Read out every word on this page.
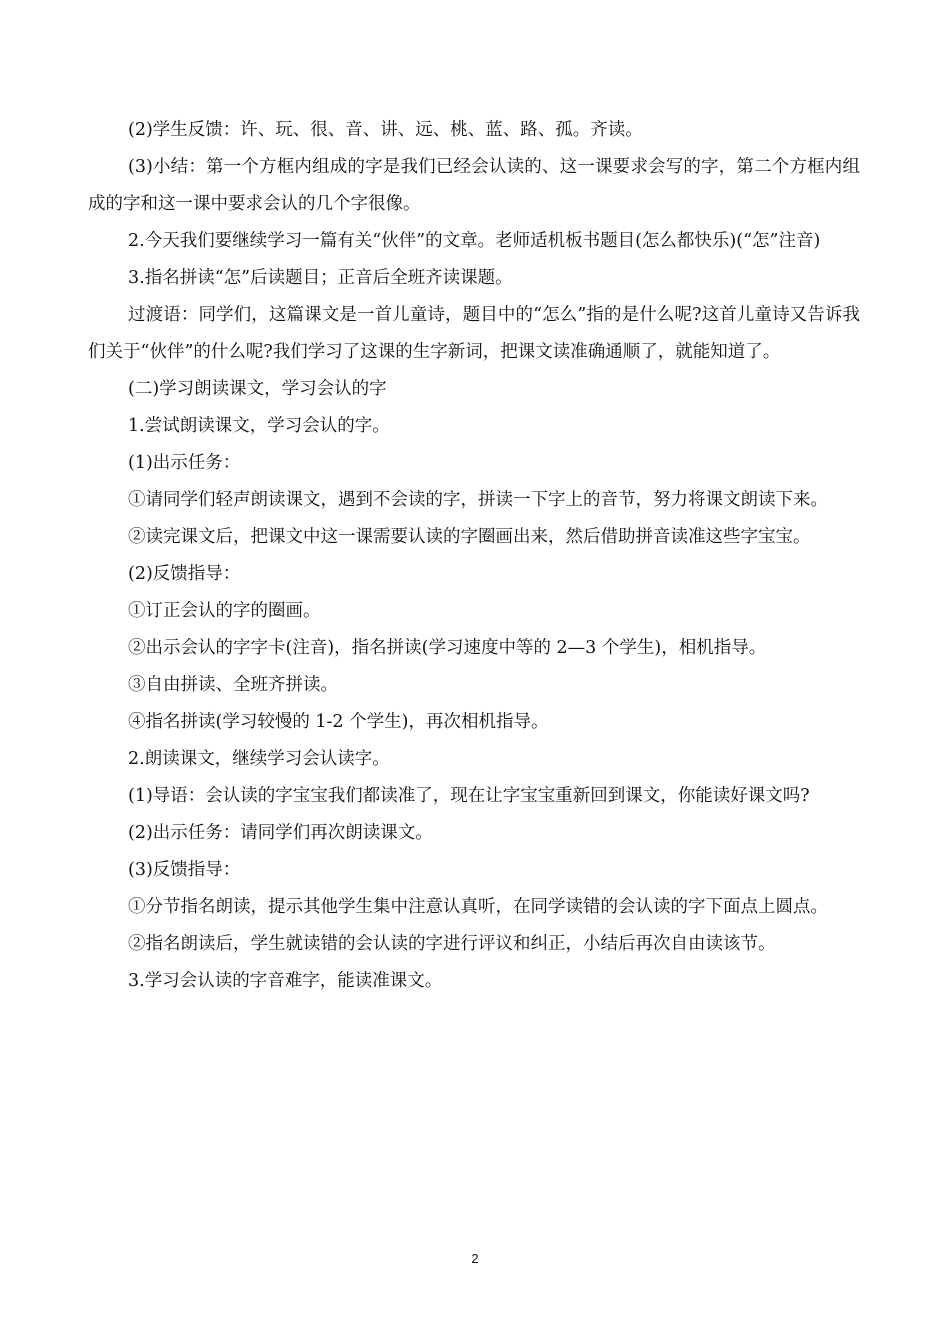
(2)学生反馈：许、玩、很、音、讲、远、桃、蓝、路、孤。齐读。

(3)小结：第一个方框内组成的字是我们已经会认读的、这一课要求会写的字，第二个方框内组成的字和这一课中要求会认的几个字很像。

2.今天我们要继续学习一篇有关“伙伴”的文章。老师适机板书题目(怎么都快乐)(“怎”注音)

3.指名拼读“怎”后读题目；正音后全班齐读课题。

过渡语：同学们，这篇课文是一首儿童诗，题目中的“怎么”指的是什么呢?这首儿童诗又告诉我们关于“伙伴”的什么呢?我们学习了这课的生字新词，把课文读准确通顺了，就能知道了。

(二)学习朗读课文，学习会认的字

1.尝试朗读课文，学习会认的字。

(1)出示任务：

①请同学们轻声朗读课文，遇到不会读的字，拼读一下字上的音节，努力将课文朗读下来。

②读完课文后，把课文中这一课需要认读的字圈画出来，然后借助拼音读准这些字宝宝。

(2)反馈指导：

①订正会认的字的圈画。

②出示会认的字字卡(注音)，指名拼读(学习速度中等的 2—3 个学生)，相机指导。

③自由拼读、全班齐拼读。

④指名拼读(学习较慢的 1-2 个学生)，再次相机指导。

2.朗读课文，继续学习会认读字。

(1)导语：会认读的字宝宝我们都读准了，现在让字宝宝重新回到课文，你能读好课文吗?

(2)出示任务：请同学们再次朗读课文。

(3)反馈指导：

①分节指名朗读，提示其他学生集中注意认真听，在同学读错的会认读的字下面点上圆点。

②指名朗读后，学生就读错的会认读的字进行评议和纠正，小结后再次自由读该节。

3.学习会认读的字音难字，能读准课文。

2
